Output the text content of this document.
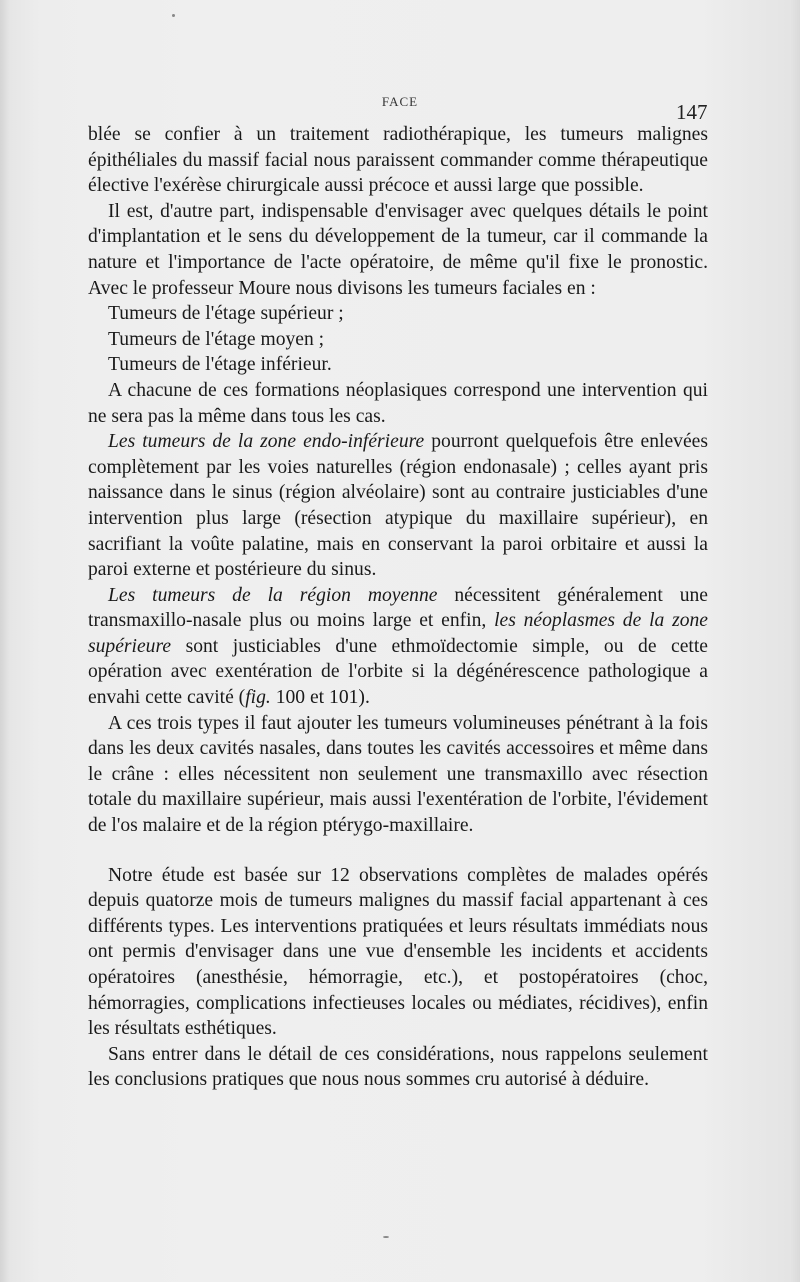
FACE	147

blée se confier à un traitement radiothérapique, les tumeurs malignes épithéliales du massif facial nous paraissent commander comme thérapeutique élective l'exérèse chirurgicale aussi précoce et aussi large que possible.

Il est, d'autre part, indispensable d'envisager avec quelques détails le point d'implantation et le sens du développement de la tumeur, car il commande la nature et l'importance de l'acte opératoire, de même qu'il fixe le pronostic. Avec le professeur Moure nous divisons les tumeurs faciales en :

Tumeurs de l'étage supérieur ;

Tumeurs de l'étage moyen ;

Tumeurs de l'étage inférieur.

A chacune de ces formations néoplasiques correspond une intervention qui ne sera pas la même dans tous les cas.

Les tumeurs de la zone endo-inférieure pourront quelquefois être enlevées complètement par les voies naturelles (région endonasale) ; celles ayant pris naissance dans le sinus (région alvéolaire) sont au contraire justiciables d'une intervention plus large (résection atypique du maxillaire supérieur), en sacrifiant la voûte palatine, mais en conservant la paroi orbitaire et aussi la paroi externe et postérieure du sinus.

Les tumeurs de la région moyenne nécessitent généralement une transmaxillo-nasale plus ou moins large et enfin, les néoplasmes de la zone supérieure sont justiciables d'une ethmoïdectomie simple, ou de cette opération avec exentération de l'orbite si la dégénérescence pathologique a envahi cette cavité (fig. 100 et 101).

A ces trois types il faut ajouter les tumeurs volumineuses pénétrant à la fois dans les deux cavités nasales, dans toutes les cavités accessoires et même dans le crâne : elles nécessitent non seulement une transmaxillo avec résection totale du maxillaire supérieur, mais aussi l'exentération de l'orbite, l'évidement de l'os malaire et de la région ptérygo-maxillaire.

Notre étude est basée sur 12 observations complètes de malades opérés depuis quatorze mois de tumeurs malignes du massif facial appartenant à ces différents types. Les interventions pratiquées et leurs résultats immédiats nous ont permis d'envisager dans une vue d'ensemble les incidents et accidents opératoires (anesthésie, hémorragie, etc.), et postopératoires (choc, hémorragies, complications infectieuses locales ou médiates, récidives), enfin les résultats esthétiques.

Sans entrer dans le détail de ces considérations, nous rappelons seulement les conclusions pratiques que nous nous sommes cru autorisé à déduire.
